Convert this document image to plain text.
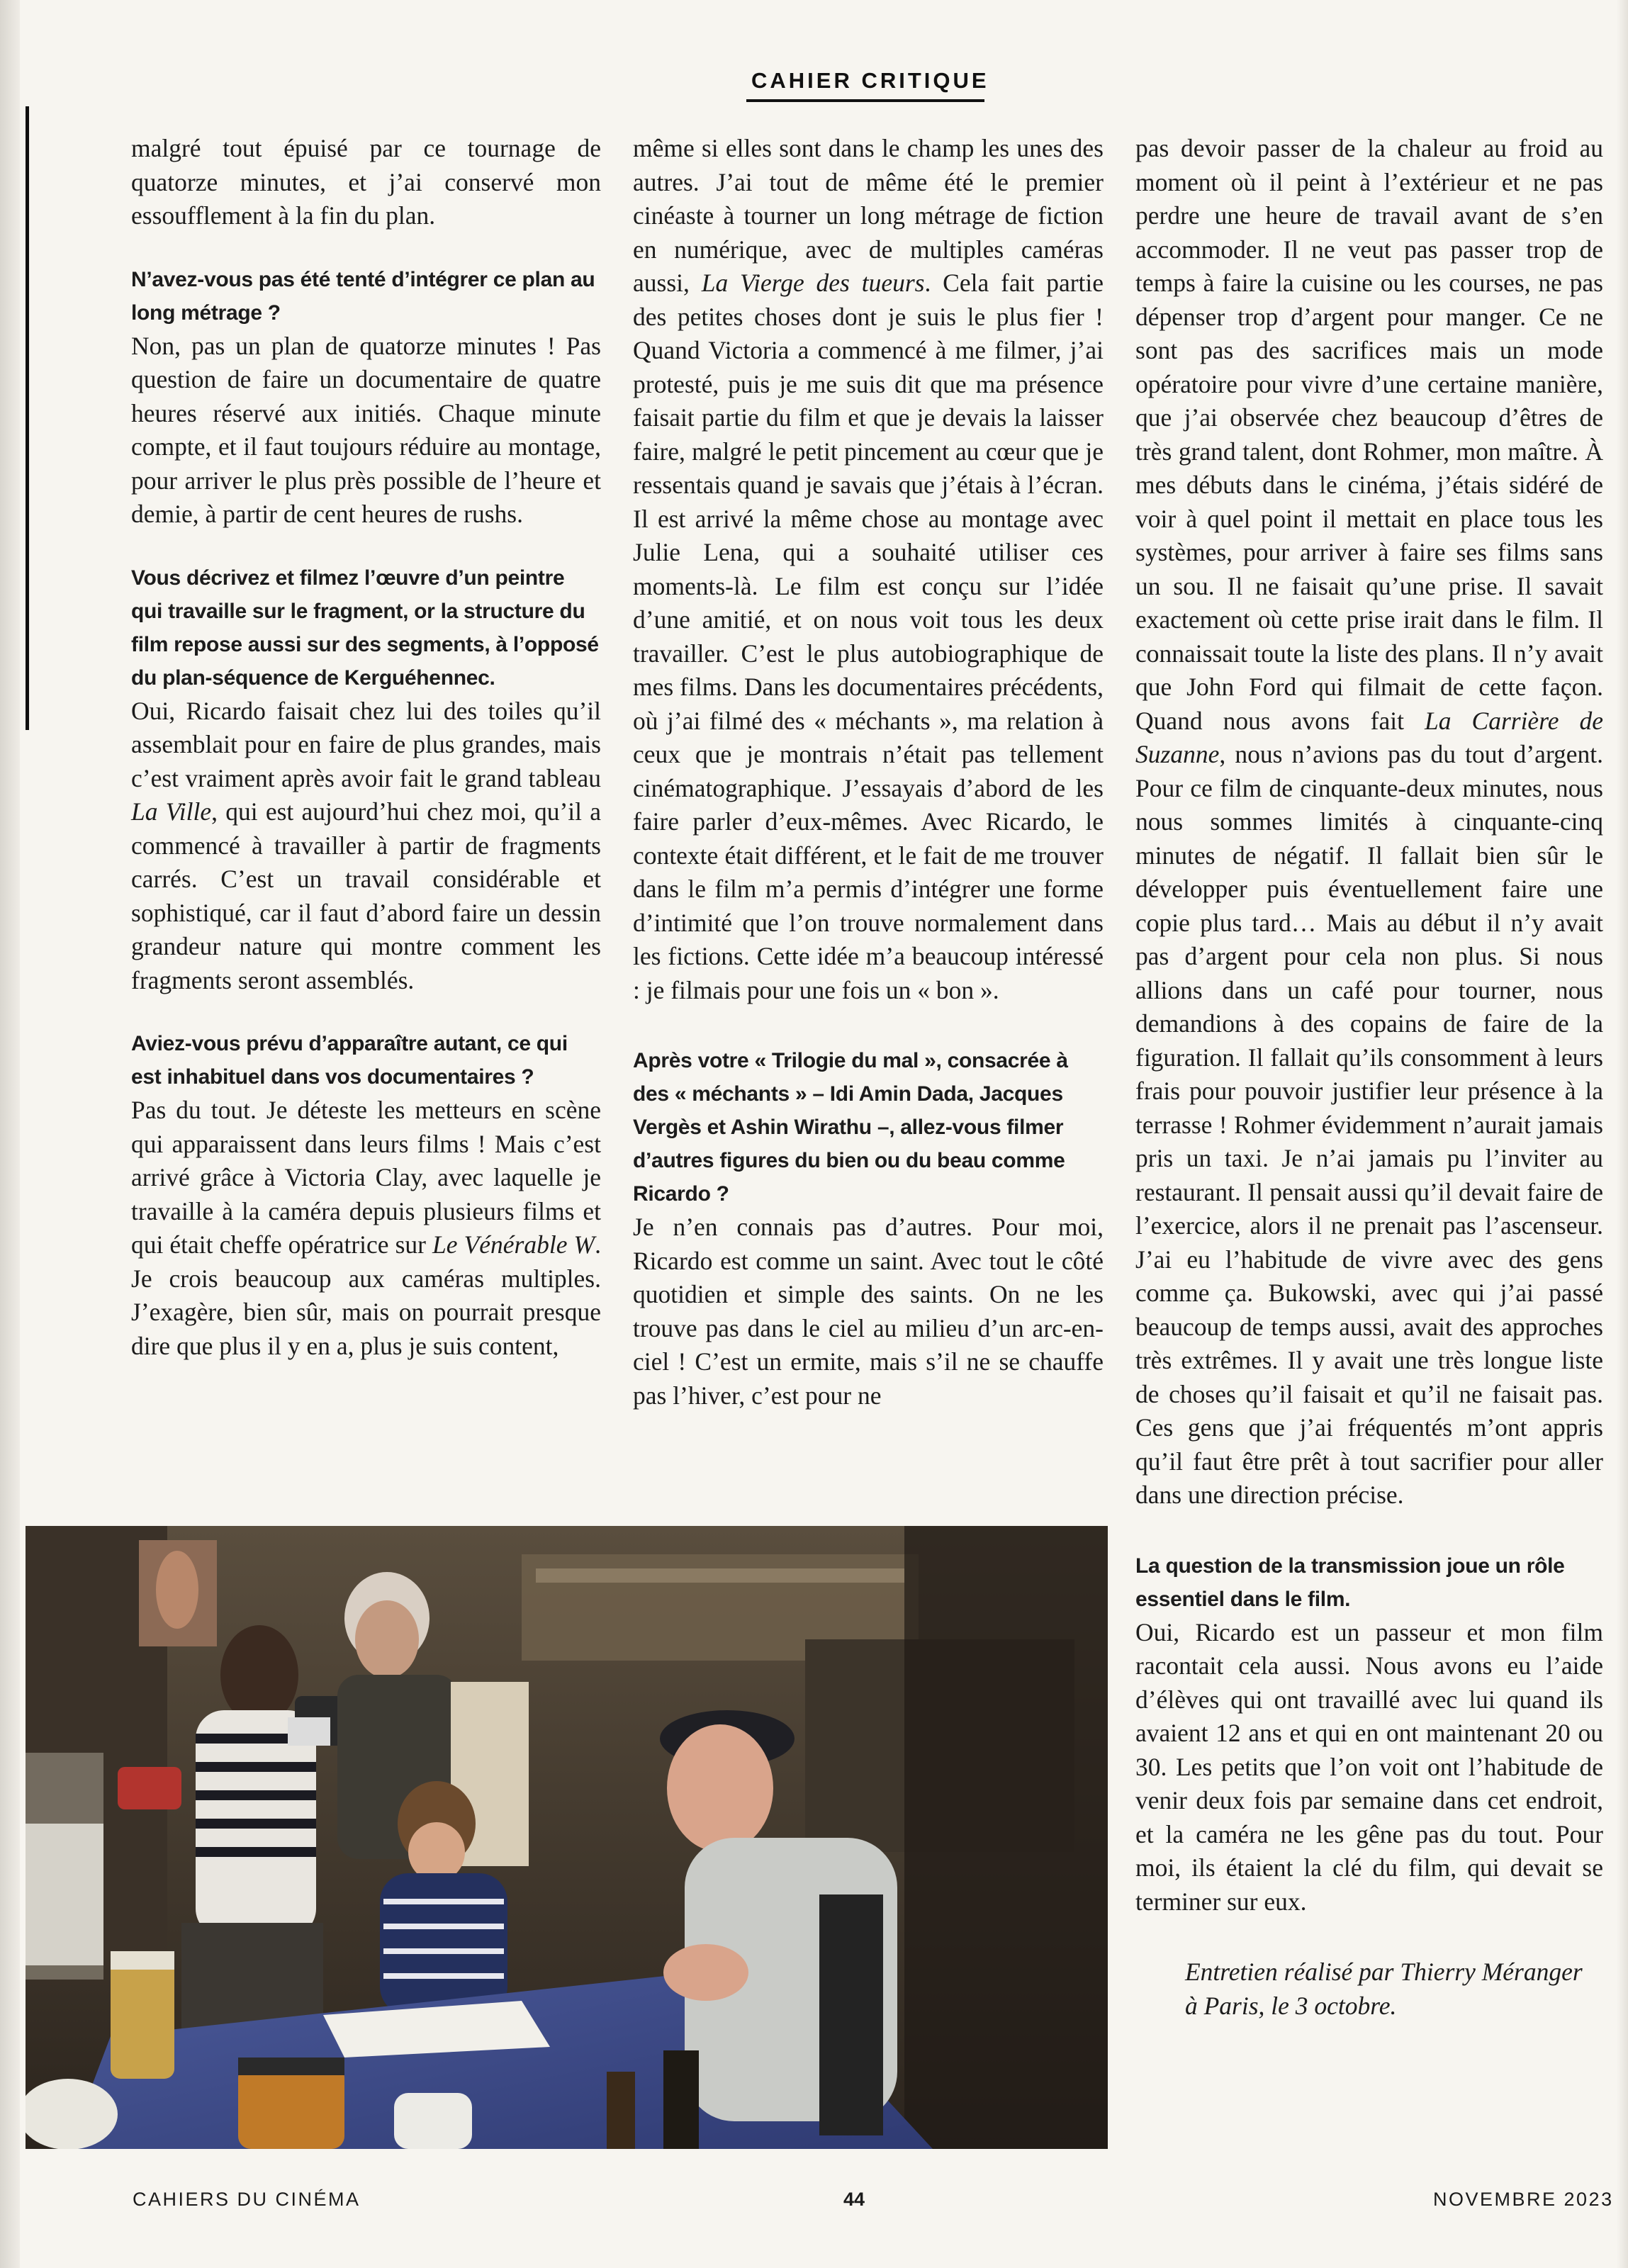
CAHIER CRITIQUE

malgré tout épuisé par ce tournage de quatorze minutes, et j’ai conservé mon essoufflement à la fin du plan.

N’avez-vous pas été tenté d’intégrer ce plan au long métrage ?

Non, pas un plan de quatorze minutes ! Pas question de faire un documentaire de quatre heures réservé aux initiés. Chaque minute compte, et il faut toujours réduire au montage, pour arriver le plus près possible de l’heure et demie, à partir de cent heures de rushs.

Vous décrivez et filmez l’œuvre d’un peintre qui travaille sur le fragment, or la structure du film repose aussi sur des segments, à l’opposé du plan-séquence de Kerguéhennec.

Oui, Ricardo faisait chez lui des toiles qu’il assemblait pour en faire de plus grandes, mais c’est vraiment après avoir fait le grand tableau La Ville, qui est aujourd’hui chez moi, qu’il a commencé à travailler à partir de fragments carrés. C’est un travail considérable et sophistiqué, car il faut d’abord faire un dessin grandeur nature qui montre comment les fragments seront assemblés.

Aviez-vous prévu d’apparaître autant, ce qui est inhabituel dans vos documentaires ?

Pas du tout. Je déteste les metteurs en scène qui apparaissent dans leurs films ! Mais c’est arrivé grâce à Victoria Clay, avec laquelle je travaille à la caméra depuis plusieurs films et qui était cheffe opératrice sur Le Vénérable W. Je crois beaucoup aux caméras multiples. J’exagère, bien sûr, mais on pourrait presque dire que plus il y en a, plus je suis content,

même si elles sont dans le champ les unes des autres. J’ai tout de même été le premier cinéaste à tourner un long métrage de fiction en numérique, avec de multiples caméras aussi, La Vierge des tueurs. Cela fait partie des petites choses dont je suis le plus fier ! Quand Victoria a commencé à me filmer, j’ai protesté, puis je me suis dit que ma présence faisait partie du film et que je devais la laisser faire, malgré le petit pincement au cœur que je ressentais quand je savais que j’étais à l’écran. Il est arrivé la même chose au montage avec Julie Lena, qui a souhaité utiliser ces moments-là. Le film est conçu sur l’idée d’une amitié, et on nous voit tous les deux travailler. C’est le plus autobiographique de mes films. Dans les documentaires précédents, où j’ai filmé des « méchants », ma relation à ceux que je montrais n’était pas tellement cinématographique. J’essayais d’abord de les faire parler d’eux-mêmes. Avec Ricardo, le contexte était différent, et le fait de me trouver dans le film m’a permis d’intégrer une forme d’intimité que l’on trouve normalement dans les fictions. Cette idée m’a beaucoup intéressé : je filmais pour une fois un « bon ».

Après votre « Trilogie du mal », consacrée à des « méchants » – Idi Amin Dada, Jacques Vergès et Ashin Wirathu –, allez-vous filmer d’autres figures du bien ou du beau comme Ricardo ?

Je n’en connais pas d’autres. Pour moi, Ricardo est comme un saint. Avec tout le côté quotidien et simple des saints. On ne les trouve pas dans le ciel au milieu d’un arc-en-ciel ! C’est un ermite, mais s’il ne se chauffe pas l’hiver, c’est pour ne

pas devoir passer de la chaleur au froid au moment où il peint à l’extérieur et ne pas perdre une heure de travail avant de s’en accommoder. Il ne veut pas passer trop de temps à faire la cuisine ou les courses, ne pas dépenser trop d’argent pour manger. Ce ne sont pas des sacrifices mais un mode opératoire pour vivre d’une certaine manière, que j’ai observée chez beaucoup d’êtres de très grand talent, dont Rohmer, mon maître. À mes débuts dans le cinéma, j’étais sidéré de voir à quel point il mettait en place tous les systèmes, pour arriver à faire ses films sans un sou. Il ne faisait qu’une prise. Il savait exactement où cette prise irait dans le film. Il connaissait toute la liste des plans. Il n’y avait que John Ford qui filmait de cette façon. Quand nous avons fait La Carrière de Suzanne, nous n’avions pas du tout d’argent. Pour ce film de cinquante-deux minutes, nous nous sommes limités à cinquante-cinq minutes de négatif. Il fallait bien sûr le développer puis éventuellement faire une copie plus tard… Mais au début il n’y avait pas d’argent pour cela non plus. Si nous allions dans un café pour tourner, nous demandions à des copains de faire de la figuration. Il fallait qu’ils consomment à leurs frais pour pouvoir justifier leur présence à la terrasse ! Rohmer évidemment n’aurait jamais pris un taxi. Je n’ai jamais pu l’inviter au restaurant. Il pensait aussi qu’il devait faire de l’exercice, alors il ne prenait pas l’ascenseur. J’ai eu l’habitude de vivre avec des gens comme ça. Bukowski, avec qui j’ai passé beaucoup de temps aussi, avait des approches très extrêmes. Il y avait une très longue liste de choses qu’il faisait et qu’il ne faisait pas. Ces gens que j’ai fréquentés m’ont appris qu’il faut être prêt à tout sacrifier pour aller dans une direction précise.

La question de la transmission joue un rôle essentiel dans le film.

Oui, Ricardo est un passeur et mon film racontait cela aussi. Nous avons eu l’aide d’élèves qui ont travaillé avec lui quand ils avaient 12 ans et qui en ont maintenant 20 ou 30. Les petits que l’on voit ont l’habitude de venir deux fois par semaine dans cet endroit, et la caméra ne les gêne pas du tout. Pour moi, ils étaient la clé du film, qui devait se terminer sur eux.

Entretien réalisé par Thierry Méranger
à Paris, le 3 octobre.

CAHIERS DU CINÉMA	44	NOVEMBRE 2023
